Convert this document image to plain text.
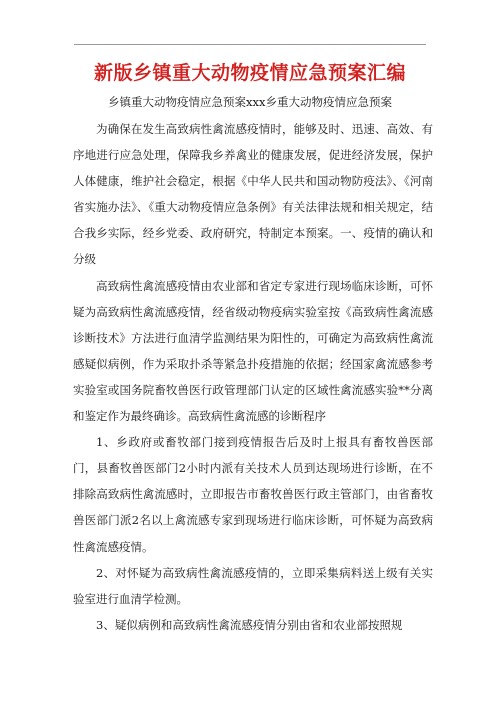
新版乡镇重大动物疫情应急预案汇编
乡镇重大动物疫情应急预案xxx乡重大动物疫情应急预案

为确保在发生高致病性禽流感疫情时，能够及时、迅速、高效、有序地进行应急处理，保障我乡养禽业的健康发展，促进经济发展，保护人体健康，维护社会稳定，根据《中华人民共和国动物防疫法》、《河南省实施办法》、《重大动物疫情应急条例》有关法律法规和相关规定，结合我乡实际，经乡党委、政府研究，特制定本预案。一、疫情的确认和分级

高致病性禽流感疫情由农业部和省定专家进行现场临床诊断，可怀疑为高致病性禽流感疫情，经省级动物疫病实验室按《高致病性禽流感诊断技术》方法进行血清学监测结果为阳性的，可确定为高致病性禽流感疑似病例，作为采取扑杀等紧急扑疫措施的依据；经国家禽流感参考实验室或国务院畜牧兽医行政管理部门认定的区域性禽流感实验**分离和鉴定作为最终确诊。高致病性禽流感的诊断程序

1、乡政府或畜牧部门接到疫情报告后及时上报具有畜牧兽医部门，县畜牧兽医部门2小时内派有关技术人员到达现场进行诊断，在不排除高致病性禽流感时，立即报告市畜牧兽医行政主管部门，由省畜牧兽医部门派2名以上禽流感专家到现场进行临床诊断，可怀疑为高致病性禽流感疫情。

2、对怀疑为高致病性禽流感疫情的，立即采集病料送上级有关实验室进行血清学检测。

3、疑似病例和高致病性禽流感疫情分别由省和农业部按照规
